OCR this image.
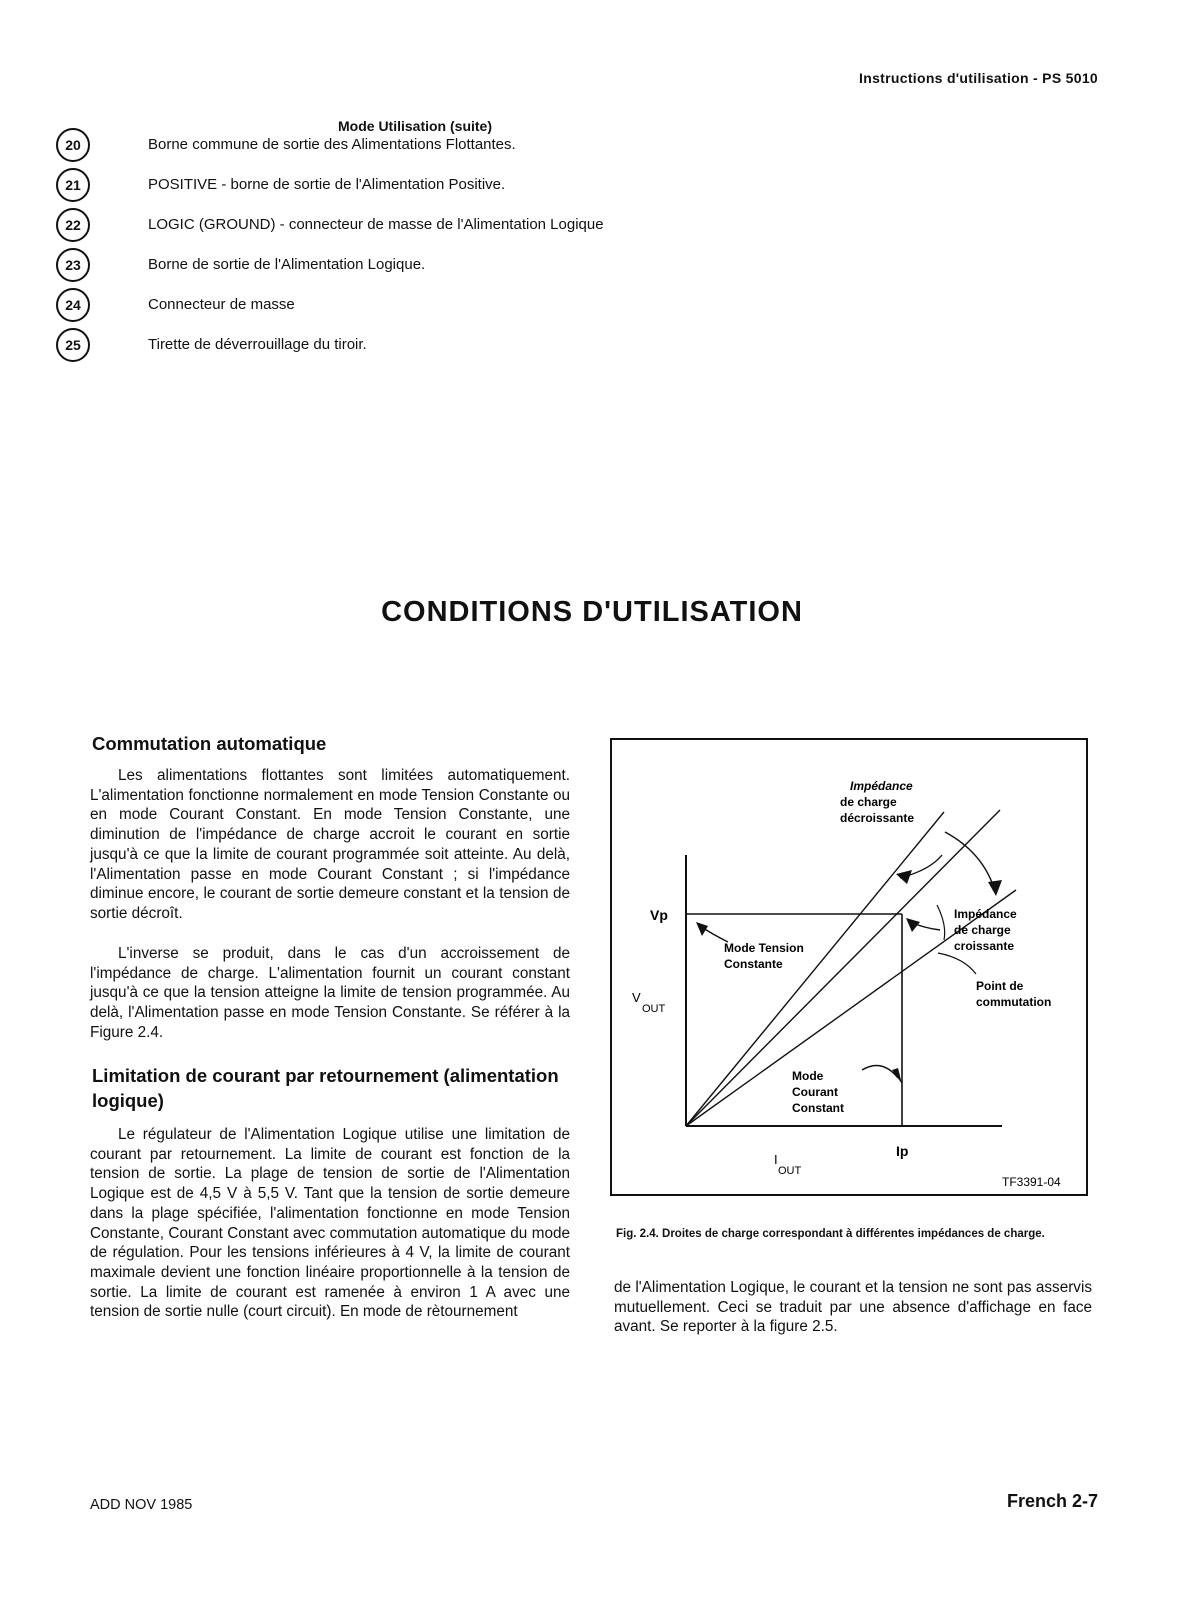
Instructions d'utilisation - PS 5010
Mode Utilisation (suite)
20	Borne commune de sortie des Alimentations Flottantes.
21	POSITIVE - borne de sortie de l'Alimentation Positive.
22	LOGIC (GROUND) - connecteur de masse de l'Alimentation Logique
23	Borne de sortie de l'Alimentation Logique.
24	Connecteur de masse
25	Tirette de déverrouillage du tiroir.
CONDITIONS D'UTILISATION
Commutation automatique
Les alimentations flottantes sont limitées automatiquement. L'alimentation fonctionne normalement en mode Tension Constante ou en mode Courant Constant. En mode Tension Constante, une diminution de l'impédance de charge accroit le courant en sortie jusqu'à ce que la limite de courant programmée soit atteinte. Au delà, l'Alimentation passe en mode Courant Constant ; si l'impédance diminue encore, le courant de sortie demeure constant et la tension de sortie décroît.
L'inverse se produit, dans le cas d'un accroissement de l'impédance de charge. L'alimentation fournit un courant constant jusqu'à ce que la tension atteigne la limite de tension programmée. Au delà, l'Alimentation passe en mode Tension Constante. Se référer à la Figure 2.4.
Limitation de courant par retournement (alimentation logique)
Le régulateur de l'Alimentation Logique utilise une limitation de courant par retournement. La limite de courant est fonction de la tension de sortie. La plage de tension de sortie de l'Alimentation Logique est de 4,5 V à 5,5 V. Tant que la tension de sortie demeure dans la plage spécifiée, l'alimentation fonctionne en mode Tension Constante, Courant Constant avec commutation automatique du mode de régulation. Pour les tensions inférieures à 4 V, la limite de courant maximale devient une fonction linéaire proportionnelle à la tension de sortie. La limite de courant est ramenée à environ 1 A avec une tension de sortie nulle (court circuit). En mode de rètournement
Impédance
de charge
décroissante
Impédance
de charge
croissante
Point de
commutation
Mode Tension
Constante
Mode
Courant
Constant
Vp
Ip
V
OUT
I
OUT
TF3391-04
Fig. 2.4. Droites de charge correspondant à différentes impédances de charge.
de l'Alimentation Logique, le courant et la tension ne sont pas asservis mutuellement. Ceci se traduit par une absence d'affichage en face avant. Se reporter à la figure 2.5.
ADD NOV 1985	French 2-7
